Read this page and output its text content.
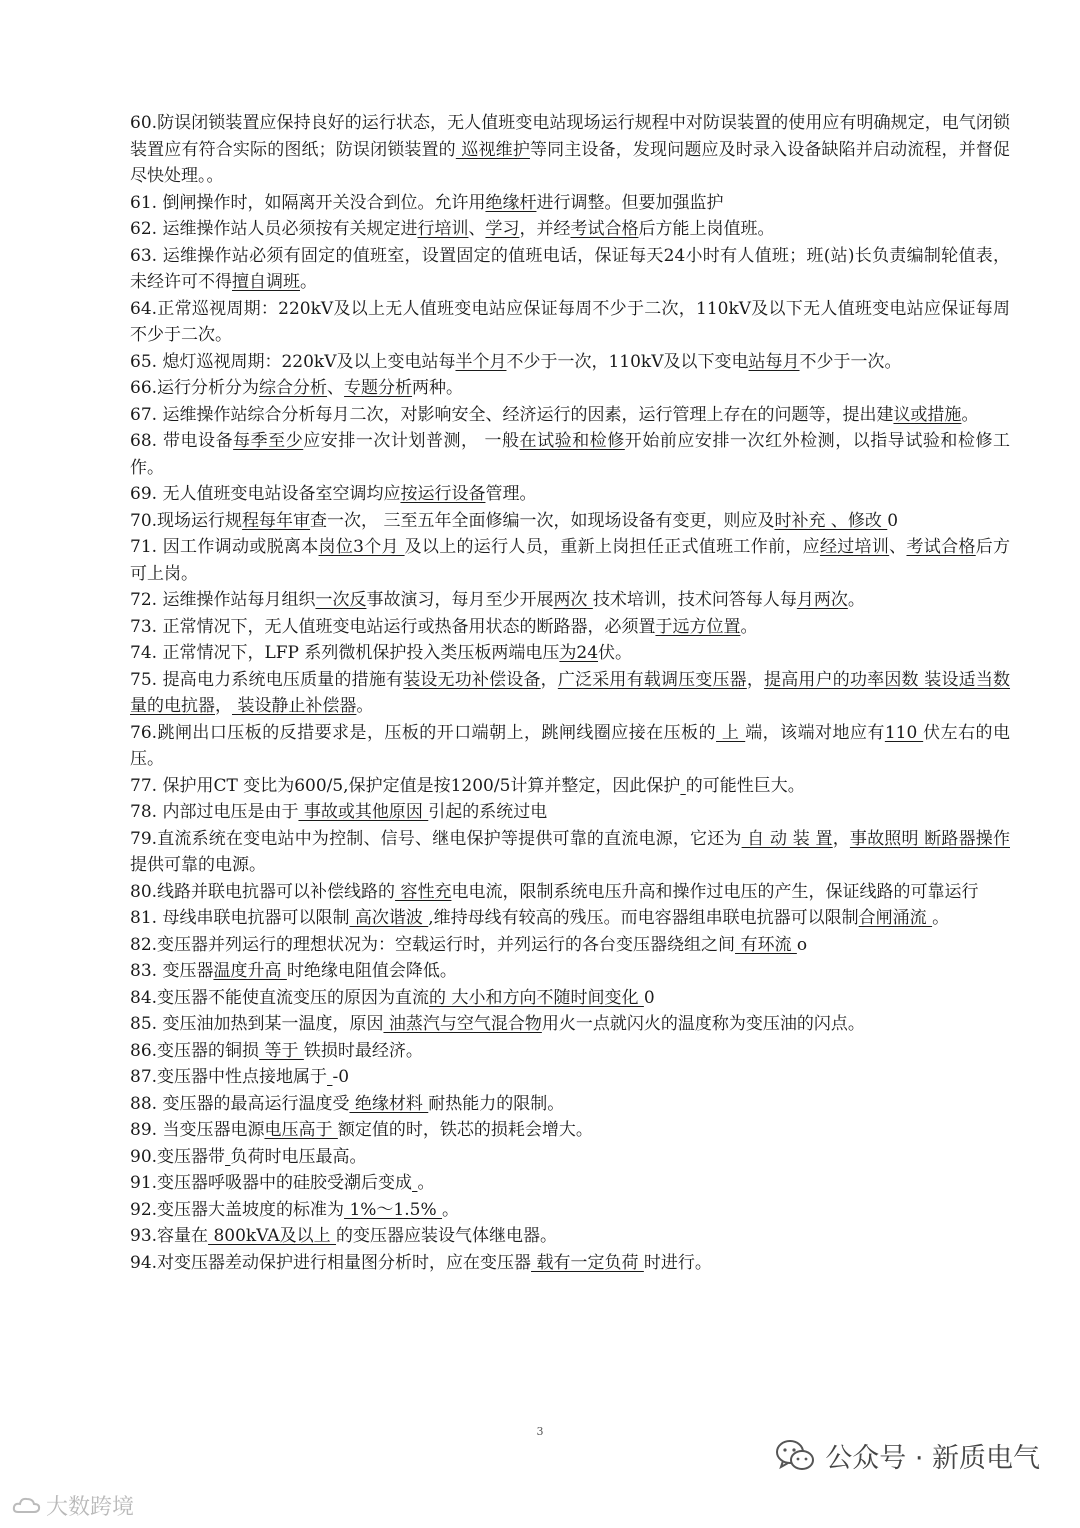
60.防误闭锁装置应保持良好的运行状态，无人值班变电站现场运行规程中对防误装置的使用应有明确规定，电气闭锁装置应有符合实际的图纸；防误闭锁装置的 巡视维护等同主设备，发现问题应及时录入设备缺陷并启动流程，并督促尽快处理。。
61. 倒闸操作时，如隔离开关没合到位。允许用绝缘杆进行调整。但要加强监护
62. 运维操作站人员必须按有关规定进行培训、学习，并经考试合格后方能上岗值班。
63. 运维操作站必须有固定的值班室，设置固定的值班电话，保证每天24小时有人值班；班(站)长负责编制轮值表，未经许可不得擅自调班。
64.正常巡视周期：220kV及以上无人值班变电站应保证每周不少于二次，110kV及以下无人值班变电站应保证每周不少于二次。
65. 熄灯巡视周期：220kV及以上变电站每半个月不少于一次，110kV及以下变电站每月不少于一次。
66.运行分析分为综合分析、专题分析两种。
67. 运维操作站综合分析每月二次，对影响安全、经济运行的因素，运行管理上存在的问题等，提出建议或措施。
68. 带电设备每季至少应安排一次计划普测， 一般在试验和检修开始前应安排一次红外检测，以指导试验和检修工作。
69. 无人值班变电站设备室空调均应按运行设备管理。
70.现场运行规程每年审查一次， 三至五年全面修编一次，如现场设备有变更，则应及时补充 、修改 0
71. 因工作调动或脱离本岗位3个月 及以上的运行人员，重新上岗担任正式值班工作前，应经过培训、考试合格后方可上岗。
72. 运维操作站每月组织一次反事故演习，每月至少开展两次 技术培训，技术问答每人每月两次。
73. 正常情况下，无人值班变电站运行或热备用状态的断路器，必须置于远方位置。
74. 正常情况下，LFP 系列微机保护投入类压板两端电压为24伏。
75. 提高电力系统电压质量的措施有装设无功补偿设备，广泛采用有载调压变压器，提高用户的功率因数 装设适当数量的电抗器， 装设静止补偿器。
76.跳闸出口压板的反措要求是，压板的开口端朝上，跳闸线圈应接在压板的 上 端，该端对地应有110 伏左右的电压。
77. 保护用CT 变比为600/5,保护定值是按1200/5计算并整定，因此保护 的可能性巨大。
78. 内部过电压是由于 事故或其他原因 引起的系统过电
79.直流系统在变电站中为控制、信号、继电保护等提供可靠的直流电源，它还为 自 动 装 置，事故照明 断路器操作提供可靠的电源。
80.线路并联电抗器可以补偿线路的 容性充电电流，限制系统电压升高和操作过电压的产生，保证线路的可靠运行
81. 母线串联电抗器可以限制 高次谐波 ,维持母线有较高的残压。而电容器组串联电抗器可以限制合闸涌流 。
82.变压器并列运行的理想状况为：空载运行时，并列运行的各台变压器绕组之间 有环流 o
83. 变压器温度升高 时绝缘电阻值会降低。
84.变压器不能使直流变压的原因为直流的 大小和方向不随时间变化 0
85. 变压油加热到某一温度，原因 油蒸汽与空气混合物用火一点就闪火的温度称为变压油的闪点。
86.变压器的铜损 等于 铁损时最经济。
87.变压器中性点接地属于 -0
88. 变压器的最高运行温度受 绝缘材料 耐热能力的限制。
89. 当变压器电源电压高于 额定值的时，铁芯的损耗会增大。
90.变压器带 负荷时电压最高。
91.变压器呼吸器中的硅胶受潮后变成 。
92.变压器大盖坡度的标准为 1%～1.5% 。
93.容量在 800kVA及以上 的变压器应装设气体继电器。
94.对变压器差动保护进行相量图分析时，应在变压器 载有一定负荷 时进行。
3
公众号 · 新质电气
大数跨境
